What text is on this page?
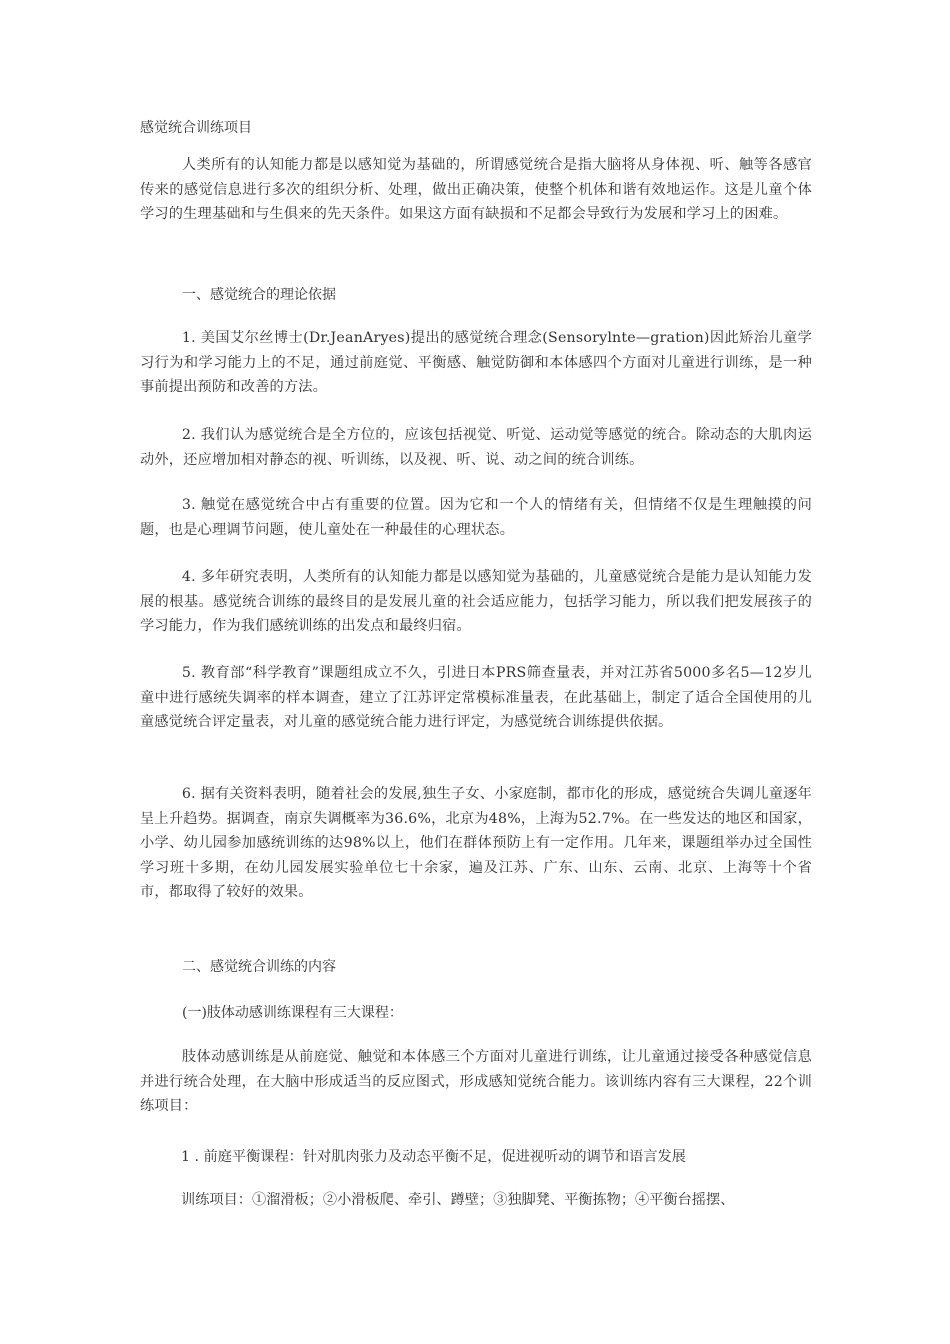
感觉统合训练项目
人类所有的认知能力都是以感知觉为基础的，所谓感觉统合是指大脑将从身体视、听、触等各感官传来的感觉信息进行多次的组织分析、处理，做出正确决策，使整个机体和谐有效地运作。这是儿童个体学习的生理基础和与生俱来的先天条件。如果这方面有缺损和不足都会导致行为发展和学习上的困难。
一、感觉统合的理论依据
1. 美国艾尔丝博士(Dr.JeanAryes)提出的感觉统合理念(Sensorylnte—gration)因此矫治儿童学习行为和学习能力上的不足，通过前庭觉、平衡感、触觉防御和本体感四个方面对儿童进行训练，是一种事前提出预防和改善的方法。
2. 我们认为感觉统合是全方位的，应该包括视觉、听觉、运动觉等感觉的统合。除动态的大肌肉运动外，还应增加相对静态的视、听训练，以及视、听、说、动之间的统合训练。
3. 触觉在感觉统合中占有重要的位置。因为它和一个人的情绪有关，但情绪不仅是生理触摸的问题，也是心理调节问题，使儿童处在一种最佳的心理状态。
4. 多年研究表明，人类所有的认知能力都是以感知觉为基础的，儿童感觉统合是能力是认知能力发展的根基。感觉统合训练的最终目的是发展儿童的社会适应能力，包括学习能力，所以我们把发展孩子的学习能力，作为我们感统训练的出发点和最终归宿。
5. 教育部“科学教育”课题组成立不久，引进日本PRS筛查量表，并对江苏省5000多名5—12岁儿童中进行感统失调率的样本调查，建立了江苏评定常模标准量表，在此基础上，制定了适合全国使用的儿童感觉统合评定量表，对儿童的感觉统合能力进行评定，为感觉统合训练提供依据。
6. 据有关资料表明，随着社会的发展,独生子女、小家庭制，都市化的形成，感觉统合失调儿童逐年呈上升趋势。据调查，南京失调概率为36.6%，北京为48%，上海为52.7%。在一些发达的地区和国家，小学、幼儿园参加感统训练的达98%以上，他们在群体预防上有一定作用。几年来，课题组举办过全国性学习班十多期，在幼儿园发展实验单位七十余家，遍及江苏、广东、山东、云南、北京、上海等十个省市，都取得了较好的效果。
二、感觉统合训练的内容
(一)肢体动感训练课程有三大课程：
肢体动感训练是从前庭觉、触觉和本体感三个方面对儿童进行训练，让儿童通过接受各种感觉信息并进行统合处理，在大脑中形成适当的反应图式，形成感知觉统合能力。该训练内容有三大课程，22个训练项目：
1 . 前庭平衡课程：针对肌肉张力及动态平衡不足，促进视听动的调节和语言发展
训练项目：①溜滑板；②小滑板爬、牵引、蹲壁；③独脚凳、平衡拣物；④平衡台摇摆、
